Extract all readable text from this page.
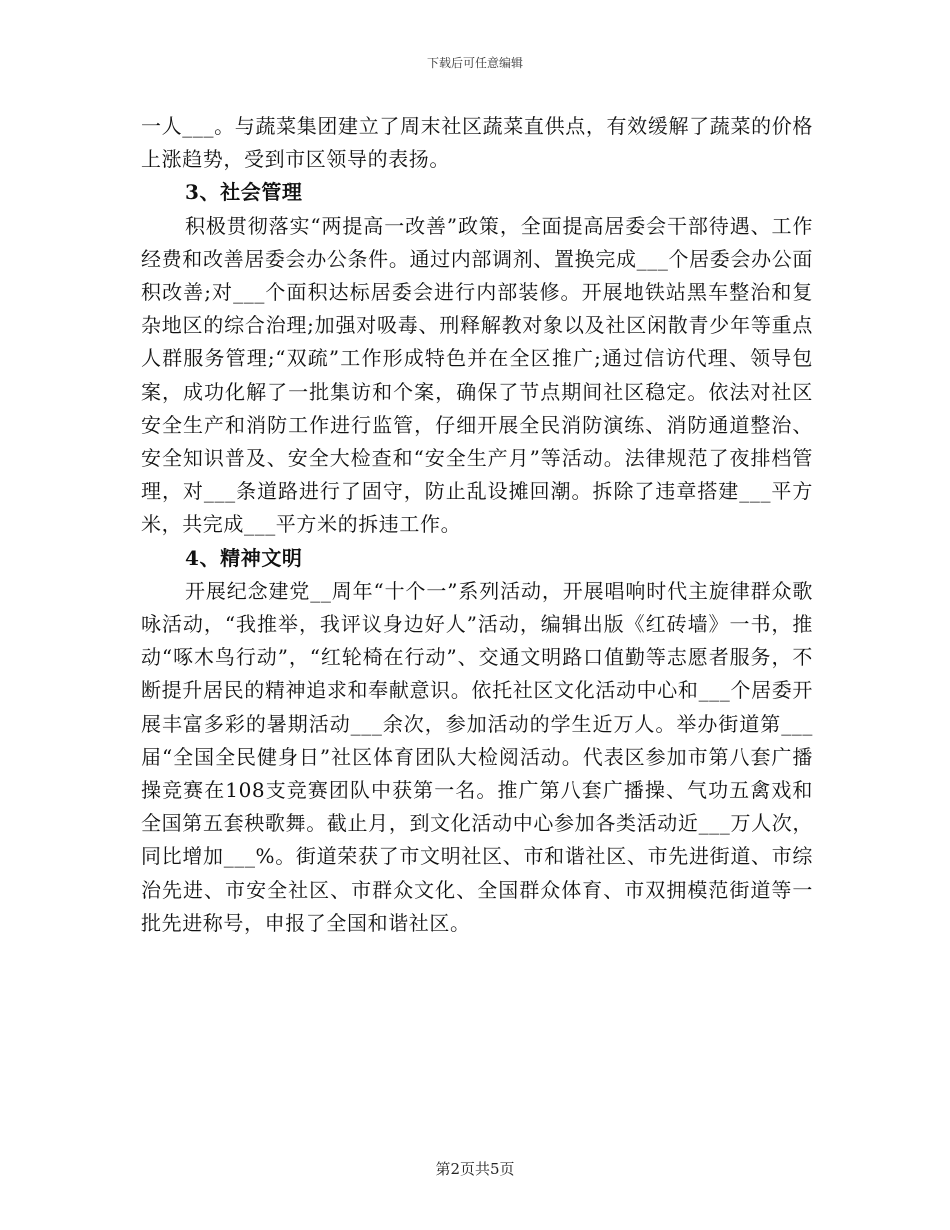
下载后可任意编辑

一人___。与蔬菜集团建立了周末社区蔬菜直供点，有效缓解了蔬菜的价格上涨趋势，受到市区领导的表扬。

3、社会管理

积极贯彻落实“两提高一改善”政策，全面提高居委会干部待遇、工作经费和改善居委会办公条件。通过内部调剂、置换完成___个居委会办公面积改善;对___个面积达标居委会进行内部装修。开展地铁站黑车整治和复杂地区的综合治理;加强对吸毒、刑释解教对象以及社区闲散青少年等重点人群服务管理;“双疏”工作形成特色并在全区推广;通过信访代理、领导包案，成功化解了一批集访和个案，确保了节点期间社区稳定。依法对社区安全生产和消防工作进行监管，仔细开展全民消防演练、消防通道整治、安全知识普及、安全大检查和“安全生产月”等活动。法律规范了夜排档管理，对___条道路进行了固守，防止乱设摊回潮。拆除了违章搭建___平方米，共完成___平方米的拆违工作。

4、精神文明

开展纪念建党__周年“十个一”系列活动，开展唱响时代主旋律群众歌咏活动，“我推举，我评议身边好人”活动，编辑出版《红砖墙》一书，推动“啄木鸟行动”，“红轮椅在行动”、交通文明路口值勤等志愿者服务，不断提升居民的精神追求和奉献意识。依托社区文化活动中心和___个居委开展丰富多彩的暑期活动___余次，参加活动的学生近万人。举办街道第___届“全国全民健身日”社区体育团队大检阅活动。代表区参加市第八套广播操竞赛在108支竞赛团队中获第一名。推广第八套广播操、气功五禽戏和全国第五套秧歌舞。截止月，到文化活动中心参加各类活动近___万人次，同比增加___%。街道荣获了市文明社区、市和谐社区、市先进街道、市综治先进、市安全社区、市群众文化、全国群众体育、市双拥模范街道等一批先进称号，申报了全国和谐社区。

第2页共5页
